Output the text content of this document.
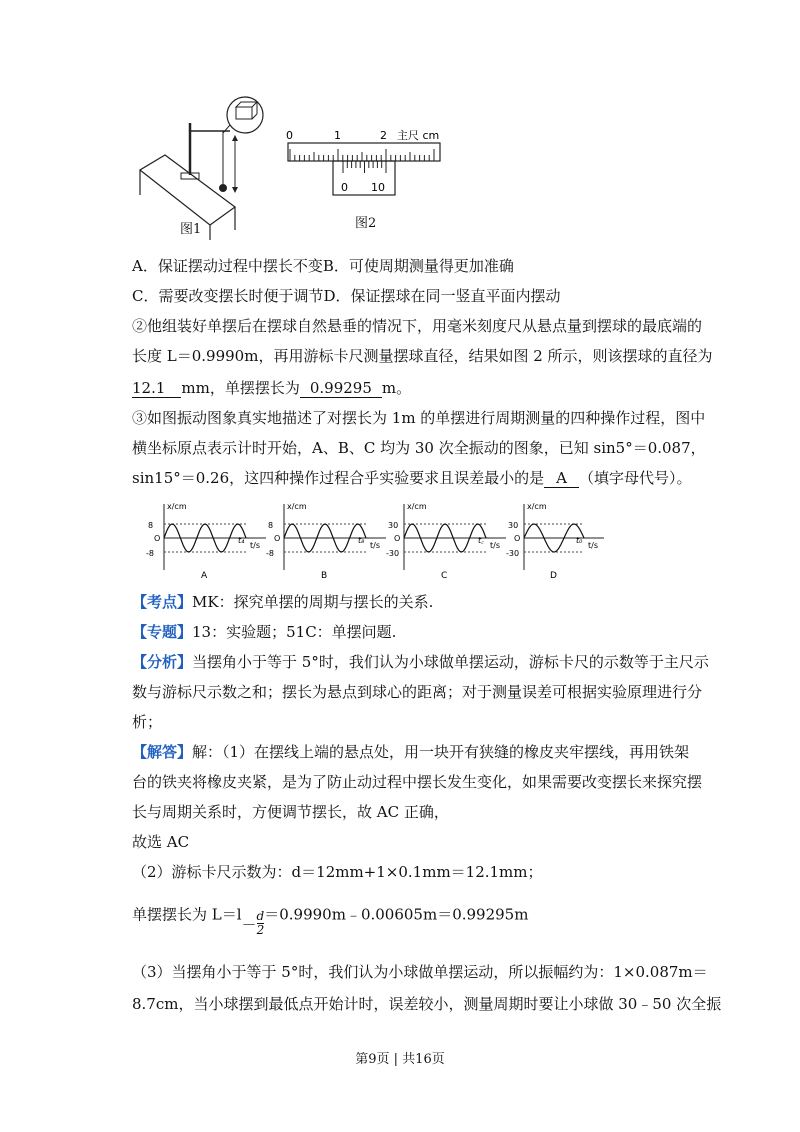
图1
0	1	2 主尺 cm
0 10
图2
A．保证摆动过程中摆长不变B．可使周期测量得更加准确
C．需要改变摆长时便于调节D．保证摆球在同一竖直平面内摆动
②他组装好单摆后在摆球自然悬垂的情况下，用毫米刻度尺从悬点量到摆球的最底端的
长度 L＝0.9990m，再用游标卡尺测量摆球直径，结果如图 2 所示，则该摆球的直径为
12.1 mm，单摆摆长为 0.99295 m。
③如图振动图象真实地描述了对摆长为 1m 的单摆进行周期测量的四种操作过程，图中
横坐标原点表示计时开始，A、B、C 均为 30 次全振动的图象，已知 sin5°＝0.087，
sin15°＝0.26，这四种操作过程合乎实验要求且误差最小的是 A （填字母代号）。
8
-8
O
x/cm
t/s
t₄
A
8
-8
O
x/cm
t/s
t₈
B
30
-30
O
x/cm
t/s
t꜀
C
30
-30
O
x/cm
t/s
t₀
D
【考点】MK：探究单摆的周期与摆长的关系.
【专题】13：实验题；51C：单摆问题.
【分析】当摆角小于等于 5°时，我们认为小球做单摆运动，游标卡尺的示数等于主尺示
数与游标尺示数之和；摆长为悬点到球心的距离；对于测量误差可根据实验原理进行分
析；
【解答】解：（1）在摆线上端的悬点处，用一块开有狭缝的橡皮夹牢摆线，再用铁架
台的铁夹将橡皮夹紧，是为了防止动过程中摆长发生变化，如果需要改变摆长来探究摆
长与周期关系时，方便调节摆长，故 AC 正确，
故选 AC
（2）游标卡尺示数为：d＝12mm+1×0.1mm＝12.1mm；
单摆摆长为 $L=l- \frac{d}{2}$ ＝0.9990m﹣0.00605m＝0.99295m
（3）当摆角小于等于 5°时，我们认为小球做单摆运动，所以振幅约为：1×0.087m＝
8.7cm，当小球摆到最低点开始计时，误差较小，测量周期时要让小球做 30﹣50 次全振
第9页 | 共16页
